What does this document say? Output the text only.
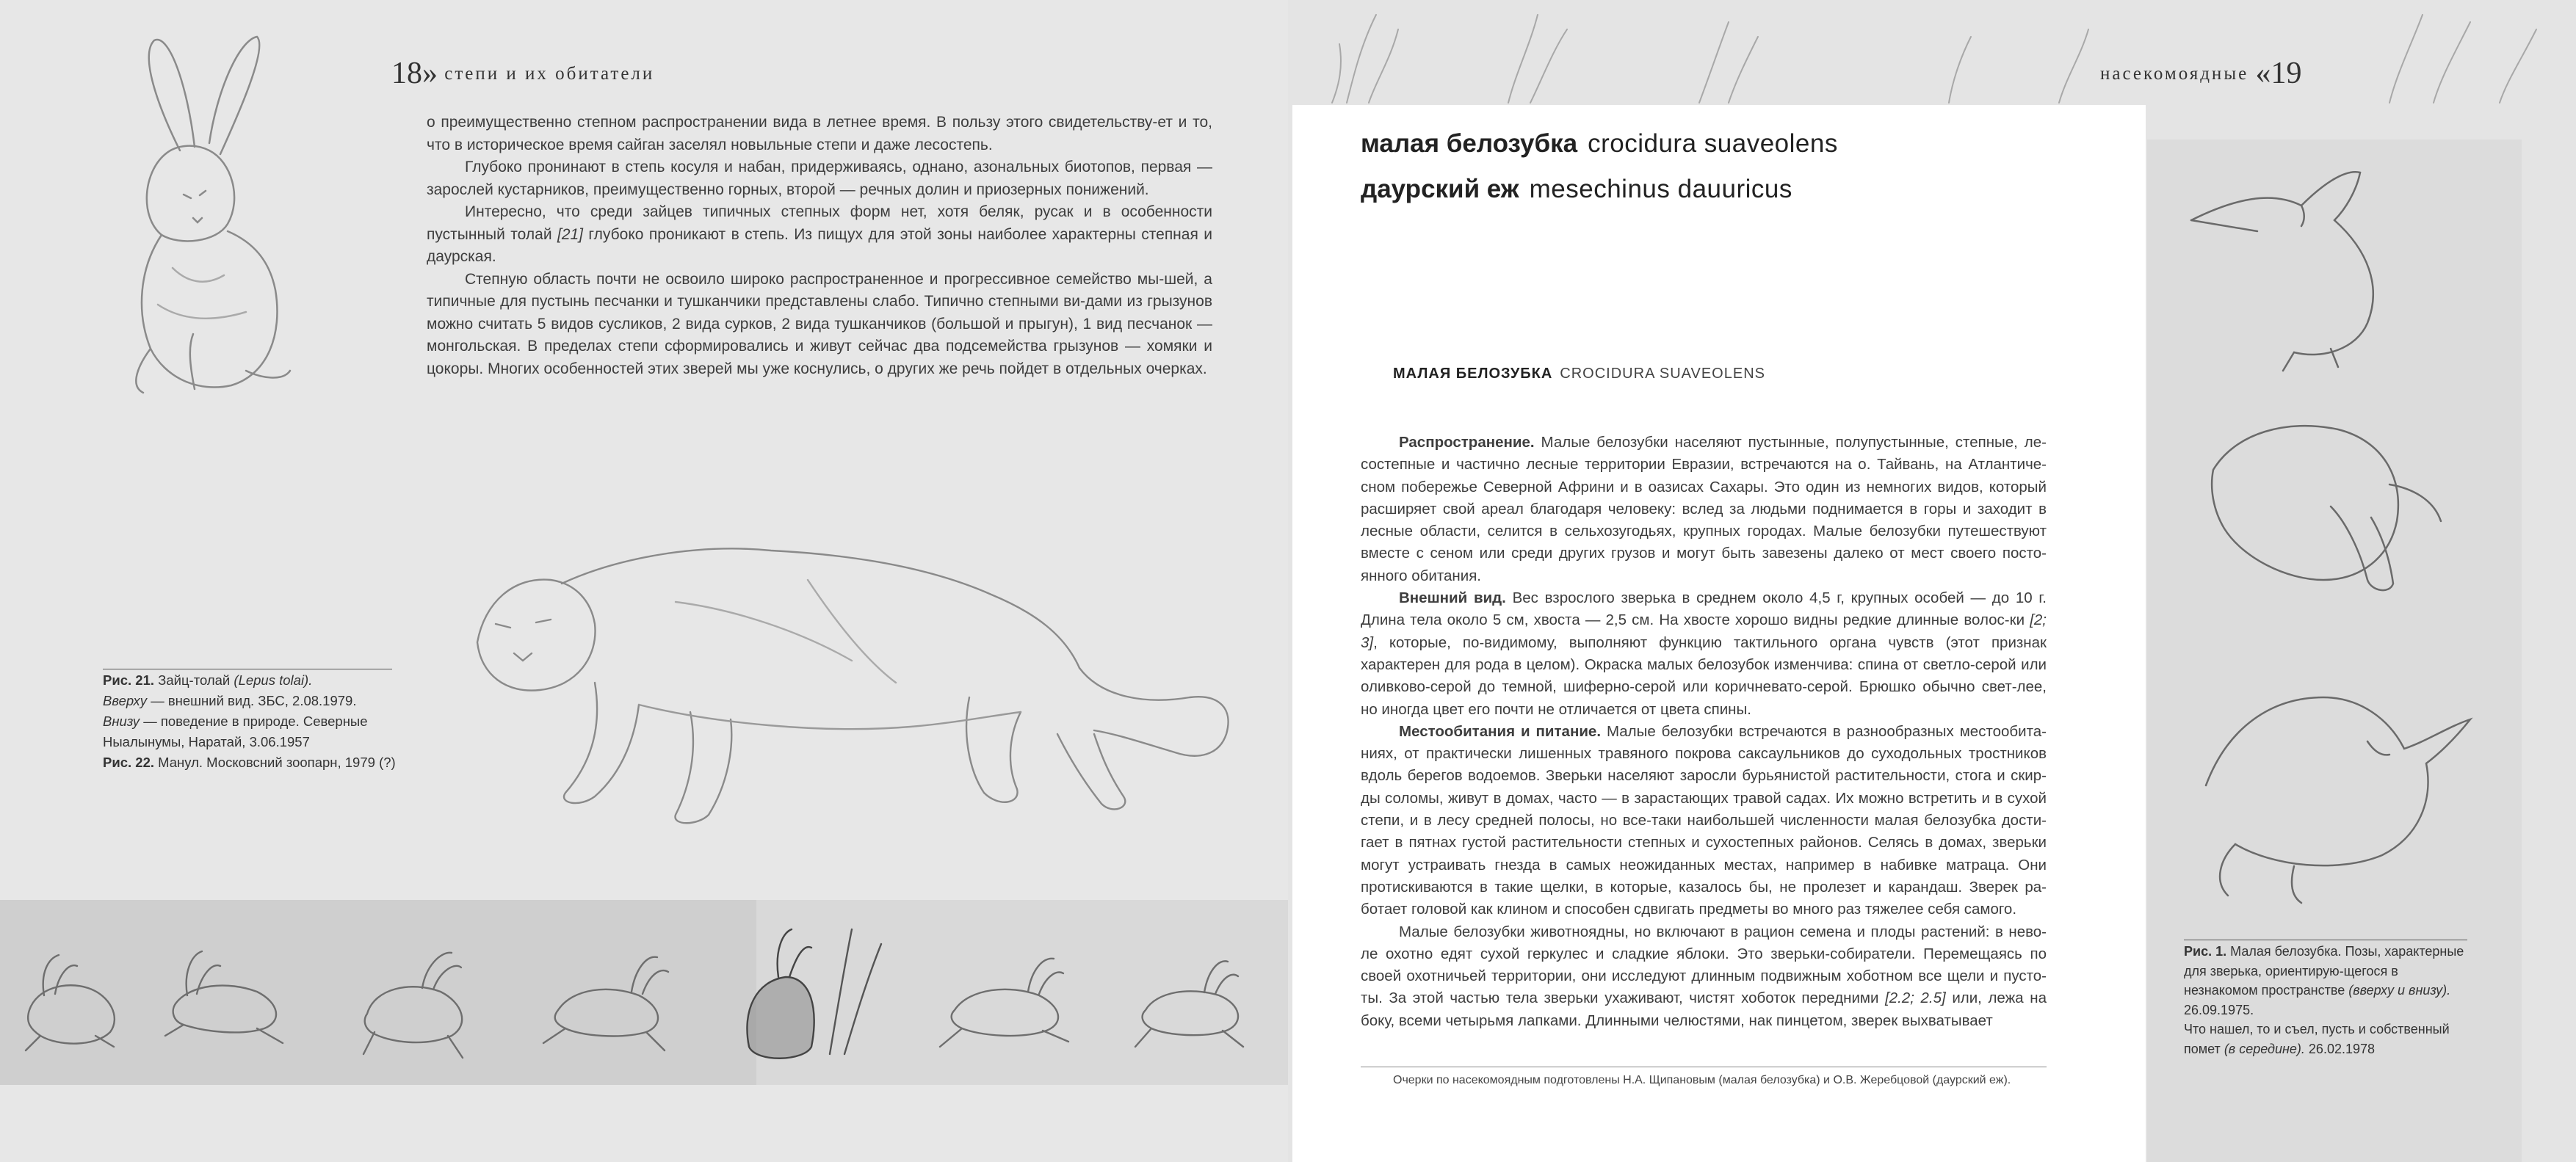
18» степи и их обитатели

о преимущественно степном распространении вида в летнее время. В пользу этого свидетельству-ет и то, что в историческое время сайган заселял новыльные степи и даже лесостепь.

Глубоко пронинают в степь косуля и набан, придерживаясь, однано, азональных биотопов, первая — зарослей кустарников, преимущественно горных, второй — речных долин и приозерных понижений.

Интересно, что среди зайцев типичных степных форм нет, хотя беляк, русак и в особенности пустынный толай [21] глубоко проникают в степь. Из пищух для этой зоны наиболее характерны степная и даурская.

Степную область почти не освоило широко распространенное и прогрессивное семейство мы-шей, а типичные для пустынь песчанки и тушканчики представлены слабо. Типично степными ви-дами из грызунов можно считать 5 видов сусликов, 2 вида сурков, 2 вида тушканчиков (большой и прыгун), 1 вид песчанок — монгольская. В пределах степи сформировались и живут сейчас два подсемейства грызунов — хомяки и цокоры. Многих особенностей этих зверей мы уже коснулись, о других же речь пойдет в отдельных очерках.

Рис. 21. Зайц-толай (Lepus tolai).
Вверху — внешний вид. ЗБС, 2.08.1979.
Внизу — поведение в природе. Северные Ныалынумы, Наратай, 3.06.1957
Рис. 22. Манул. Московсний зоопарн, 1979 (?)
насекомоядные «19
малая белозубка crocidura suaveolens
даурский еж mesechinus dauuricus
МАЛАЯ БЕЛОЗУБКА CROCIDURA SUAVEOLENS

Распространение. Малые белозубки населяют пустынные, полупустынные, степные, ле-состепные и частично лесные территории Евразии, встречаются на о. Тайвань, на Атлантиче-сном побережье Северной Африни и в оазисах Сахары. Это один из немногих видов, который расширяет свой ареал благодаря человеку: вслед за людьми поднимается в горы и заходит в лесные области, селится в сельхозугодьях, крупных городах. Малые белозубки путешествуют вместе с сеном или среди других грузов и могут быть завезены далеко от мест своего посто-янного обитания.

Внешний вид. Вес взрослого зверька в среднем около 4,5 г, крупных особей — до 10 г. Длина тела около 5 см, хвоста — 2,5 см. На хвосте хорошо видны редкие длинные волос-ки [2; 3], которые, по-видимому, выполняют функцию тактильного органа чувств (этот признак характерен для рода в целом). Окраска малых белозубок изменчива: спина от светло-серой или оливково-серой до темной, шиферно-серой или коричневато-серой. Брюшко обычно свет-лее, но иногда цвет его почти не отличается от цвета спины.

Местообитания и питание. Малые белозубки встречаются в разнообразных местообита-ниях, от практически лишенных травяного покрова саксаульников до суходольных тростников вдоль берегов водоемов. Зверьки населяют заросли бурьянистой растительности, стога и скир-ды соломы, живут в домах, часто — в зарастающих травой садах. Их можно встретить и в сухой степи, и в лесу средней полосы, но все-таки наибольшей численности малая белозубка дости-гает в пятнах густой растительности степных и сухостепных районов. Селясь в домах, зверьки могут устраивать гнезда в самых неожиданных местах, например в набивке матраца. Они протискиваются в такие щелки, в которые, казалось бы, не пролезет и карандаш. Зверек ра-ботает головой как клином и способен сдвигать предметы во много раз тяжелее себя самого.

Малые белозубки животноядны, но включают в рацион семена и плоды растений: в нево-ле охотно едят сухой геркулес и сладкие яблоки. Это зверьки-собиратели. Перемещаясь по своей охотничьей территории, они исследуют длинным подвижным хоботном все щели и пусто-ты. За этой частью тела зверьки ухаживают, чистят хоботок передними [2.2; 2.5] или, лежа на боку, всеми четырьмя лапками. Длинными челюстями, нак пинцетом, зверек выхватывает

Очерки по насекомоядным подготовлены Н.А. Щипановым (малая белозубка) и О.В. Жеребцовой (даурский еж).
Рис. 1. Малая белозубка. Позы, характерные для зверька, ориентирую-щегося в незнакомом пространстве (вверху и внизу). 26.09.1975.
Что нашел, то и съел, пусть и собственный помет (в середине). 26.02.1978
